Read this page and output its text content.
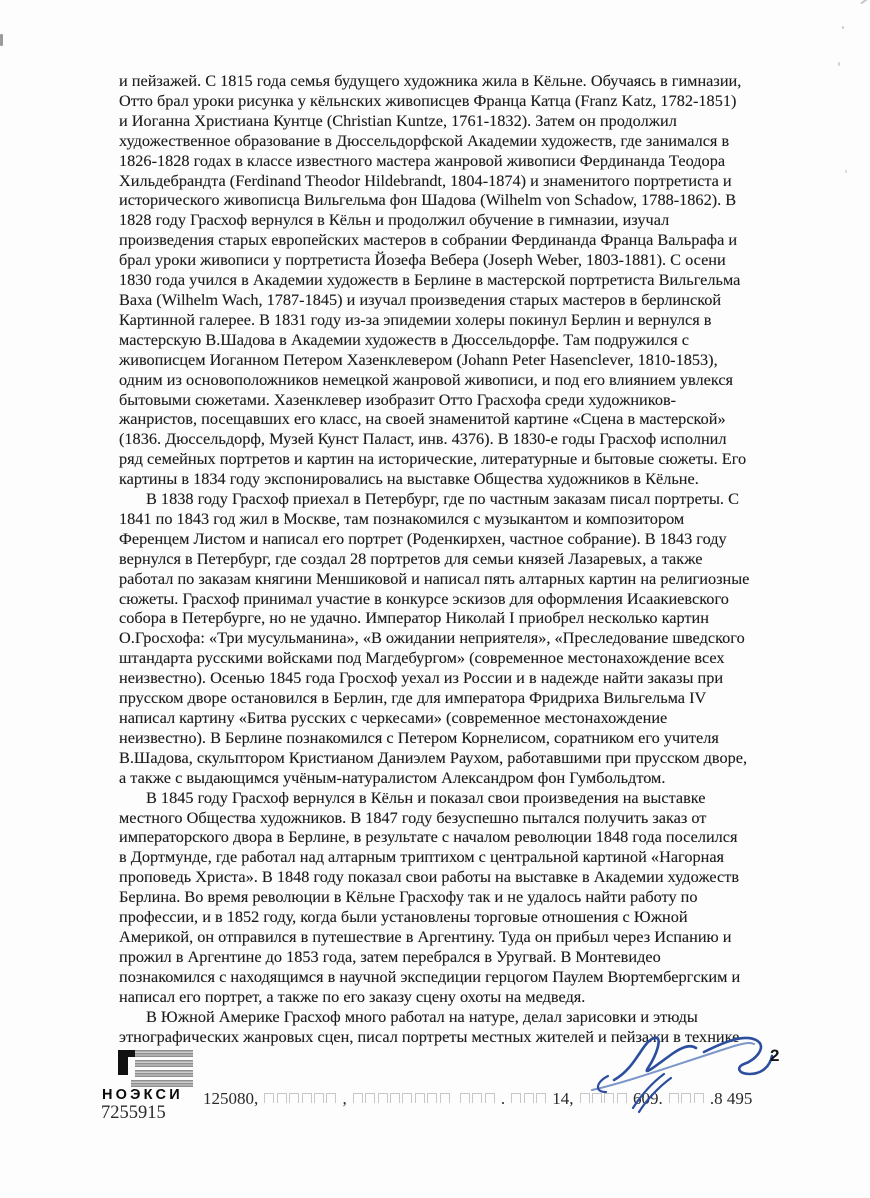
и пейзажей. С 1815 года семья будущего художника жила в Кёльне. Обучаясь в гимназии,
Отто брал уроки рисунка у кёльнских живописцев Франца Катца (Franz Katz, 1782-1851)
и Иоганна Христиана Кунтце (Christian Kuntze, 1761-1832). Затем он продолжил
художественное образование в Дюссельдорфской Академии художеств, где занимался в
1826-1828 годах в классе известного мастера жанровой живописи Фердинанда Теодора
Хильдебрандта (Ferdinand Theodor Hildebrandt, 1804-1874) и знаменитого портретиста и
исторического живописца Вильгельма фон Шадова (Wilhelm von Schadow, 1788-1862). В
1828 году Грасхоф вернулся в Кёльн и продолжил обучение в гимназии, изучал
произведения старых европейских мастеров в собрании Фердинанда Франца Вальрафа и
брал уроки живописи у портретиста Йозефа Вебера (Joseph Weber, 1803-1881). С осени
1830 года учился в Академии художеств в Берлине в мастерской портретиста Вильгельма
Ваха (Wilhelm Wach, 1787-1845) и изучал произведения старых мастеров в берлинской
Картинной галерее. В 1831 году из-за эпидемии холеры покинул Берлин и вернулся в
мастерскую В.Шадова в Академии художеств в Дюссельдорфе. Там подружился с
живописцем Иоганном Петером Хазенклевером (Johann Peter Hasenclever, 1810-1853),
одним из основоположников немецкой жанровой живописи, и под его влиянием увлекся
бытовыми сюжетами. Хазенклевер изобразит Отто Грасхофа среди художников-
жанристов, посещавших его класс, на своей знаменитой картине «Сцена в мастерской»
(1836. Дюссельдорф, Музей Кунст Паласт, инв. 4376). В 1830-е годы Грасхоф исполнил
ряд семейных портретов и картин на исторические, литературные и бытовые сюжеты. Его
картины в 1834 году экспонировались на выставке Общества художников в Кёльне.
В 1838 году Грасхоф приехал в Петербург, где по частным заказам писал портреты. С
1841 по 1843 год жил в Москве, там познакомился с музыкантом и композитором
Ференцем Листом и написал его портрет (Роденкирхен, частное собрание). В 1843 году
вернулся в Петербург, где создал 28 портретов для семьи князей Лазаревых, а также
работал по заказам княгини Меншиковой и написал пять алтарных картин на религиозные
сюжеты. Грасхоф принимал участие в конкурсе эскизов для оформления Исаакиевского
собора в Петербурге, но не удачно. Император Николай I приобрел несколько картин
О.Гросхофа: «Три мусульманина», «В ожидании неприятеля», «Преследование шведского
штандарта русскими войсками под Магдебургом» (современное местонахождение всех
неизвестно). Осенью 1845 года Гросхоф уехал из России и в надежде найти заказы при
прусском дворе остановился в Берлин, где для императора Фридриха Вильгельма IV
написал картину «Битва русских с черкесами» (современное местонахождение
неизвестно). В Берлине познакомился с Петером Корнелисом, соратником его учителя
В.Шадова, скульптором Кристианом Даниэлем Раухом, работавшими при прусском дворе,
а также с выдающимся учёным-натуралистом Александром фон Гумбольдтом.
В 1845 году Грасхоф вернулся в Кёльн и показал свои произведения на выставке
местного Общества художников. В 1847 году безуспешно пытался получить заказ от
императорского двора в Берлине, в результате с началом революции 1848 года поселился
в Дортмунде, где работал над алтарным триптихом с центральной картиной «Нагорная
проповедь Христа». В 1848 году показал свои работы на выставке в Академии художеств
Берлина. Во время революции в Кёльне Грасхофу так и не удалось найти работу по
профессии, и в 1852 году, когда были установлены торговые отношения с Южной
Америкой, он отправился в путешествие в Аргентину. Туда он прибыл через Испанию и
прожил в Аргентине до 1853 года, затем перебрался в Уругвай. В Монтевидео
познакомился с находящимся в научной экспедиции герцогом Паулем Вюртембергским и
написал его портрет, а также по его заказу сцену охоты на медведя.
В Южной Америке Грасхоф много работал на натуре, делал зарисовки и этюды
этнографических жанровых сцен, писал портреты местных жителей и пейзажи в технике
НОЭКСИ
7255915
125080,	,	.	14,	609.	.8 495
2
